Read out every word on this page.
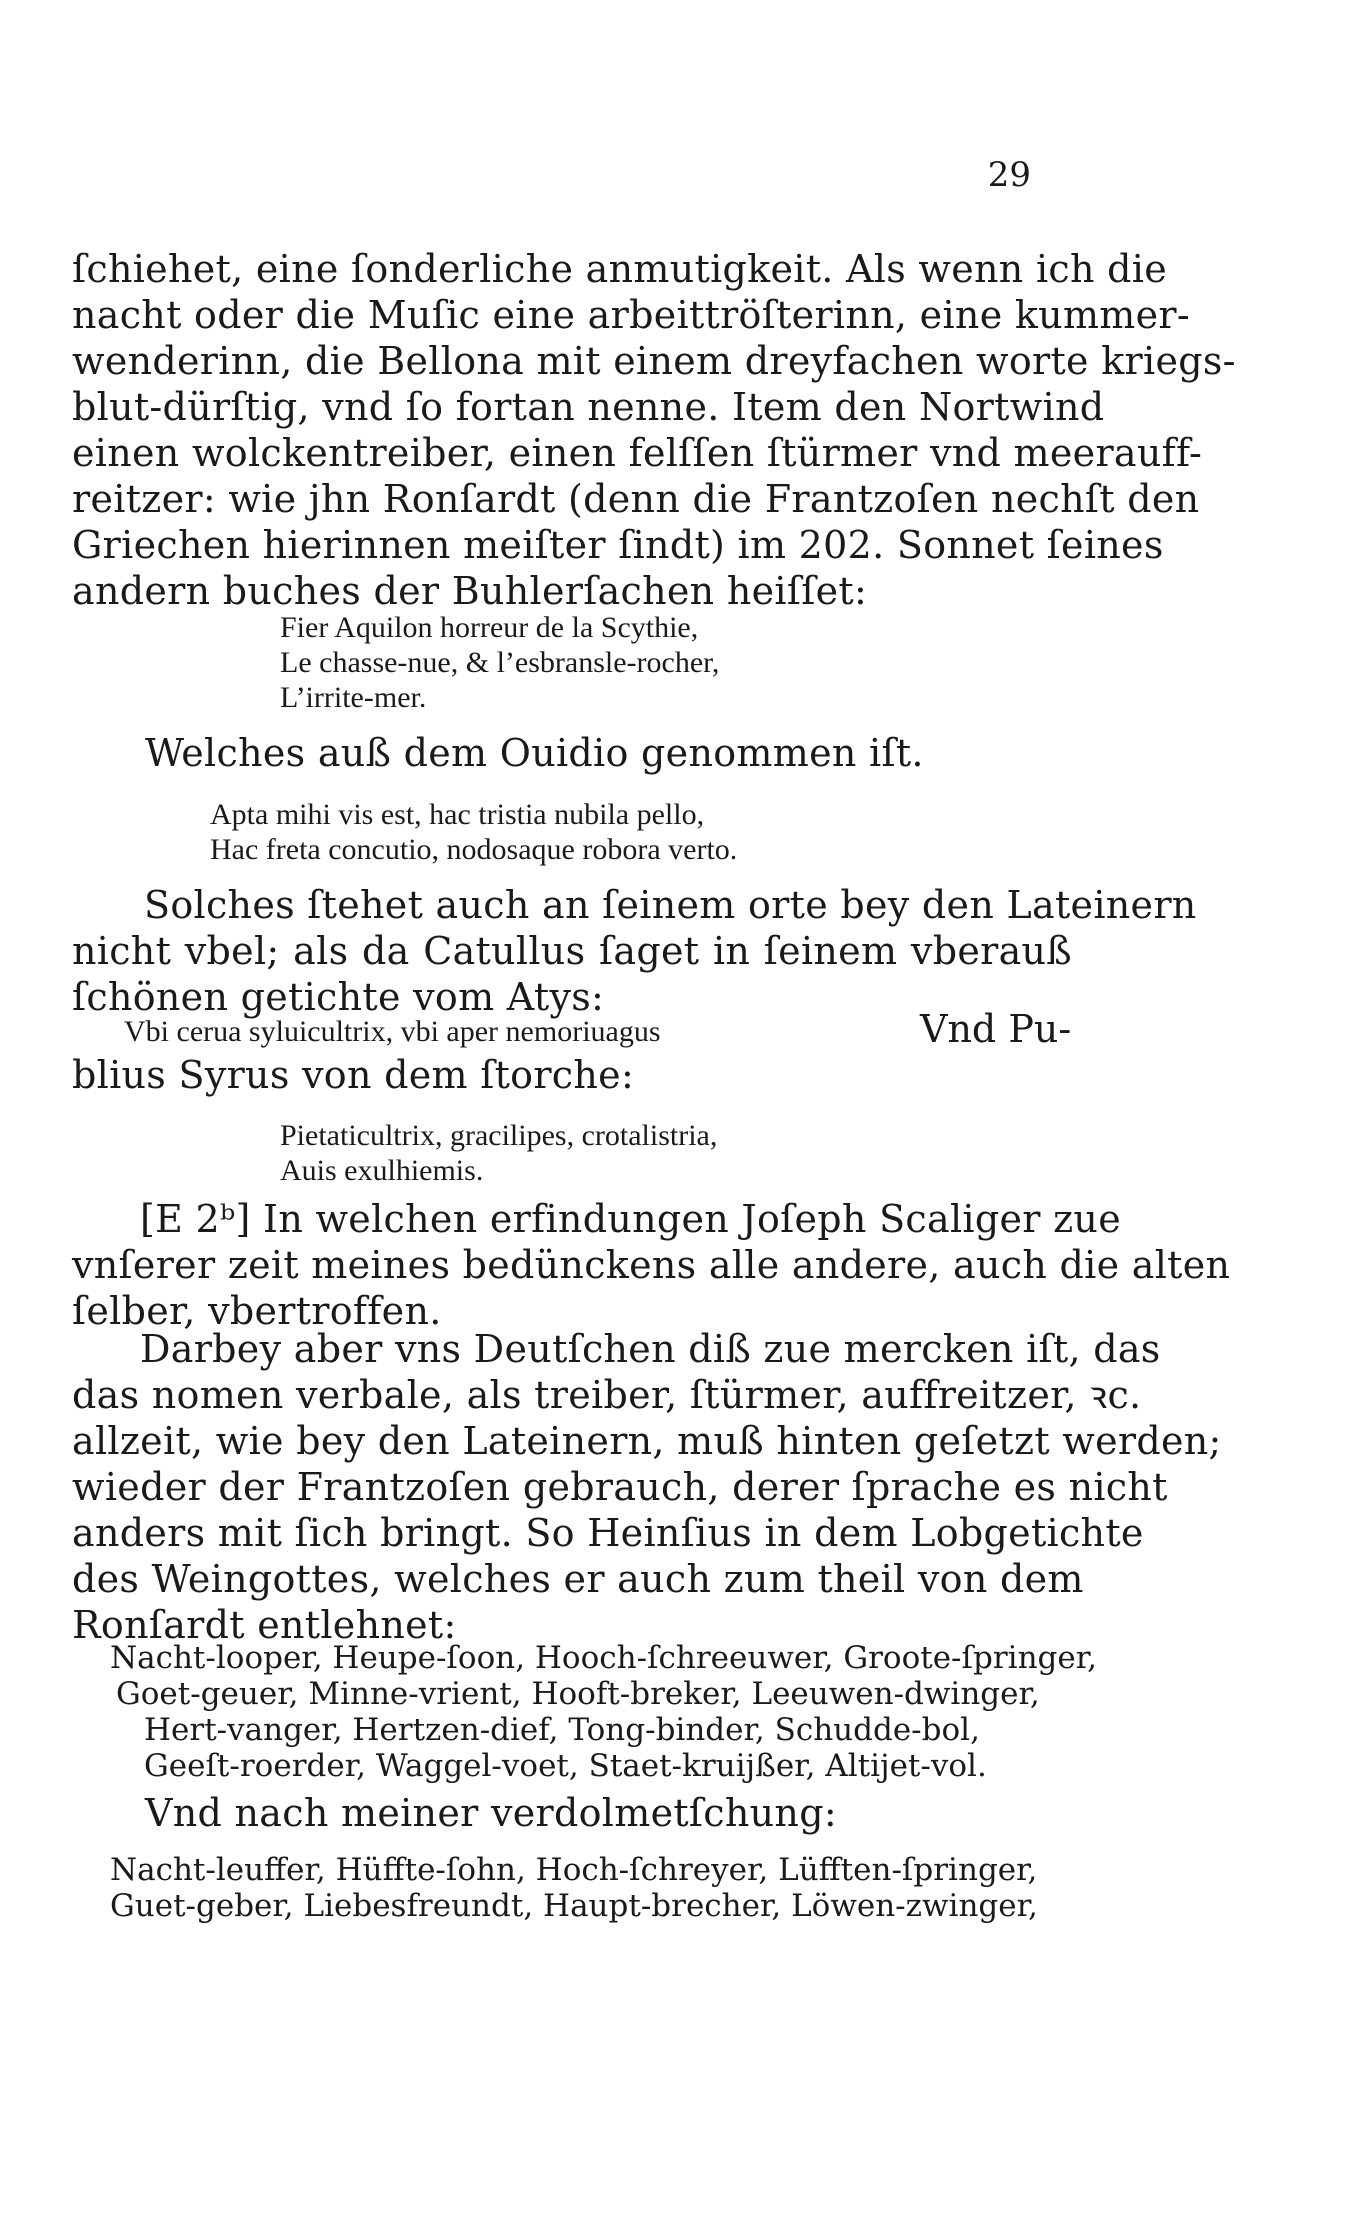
29
ſchiehet, eine ſonderliche anmutigkeit. Als wenn ich die
nacht oder die Muſic eine arbeittröſterinn, eine kummer-
wenderinn, die Bellona mit einem dreyfachen worte kriegs-
blut-dürſtig, vnd ſo fortan nenne. Item den Nortwind
einen wolckentreiber, einen felſſen ſtürmer vnd meerauff-
reitzer: wie jhn Ronſardt (denn die Frantzoſen nechſt den
Griechen hierinnen meiſter ſindt) im 202. Sonnet ſeines
andern buches der Buhlerſachen heiſſet:
Fier Aquilon horreur de la Scythie,
Le chasse-nue, & l’esbransle-rocher,
L’irrite-mer.
Welches auß dem Ouidio genommen iſt.
Apta mihi vis est, hac tristia nubila pello,
Hac freta concutio, nodosaque robora verto.
Solches ſtehet auch an ſeinem orte bey den Lateinern
nicht vbel; als da Catullus ſaget in ſeinem vberauß
ſchönen getichte vom Atys:
Vbi cerua syluicultrix, vbi aper nemoriuagus	Vnd Pu-
blius Syrus von dem ſtorche:
Pietaticultrix, gracilipes, crotalistria,
Auis exulhiemis.
[E 2ᵇ] In welchen erfindungen Joſeph Scaliger zue
vnſerer zeit meines bedünckens alle andere, auch die alten
ſelber, vbertroffen.
Darbey aber vns Deutſchen diß zue mercken iſt, das
das nomen verbale, als treiber, ſtürmer, auffreitzer, ꝛc.
allzeit, wie bey den Lateinern, muß hinten geſetzt werden;
wieder der Frantzoſen gebrauch, derer ſprache es nicht
anders mit ſich bringt. So Heinſius in dem Lobgetichte
des Weingottes, welches er auch zum theil von dem
Ronſardt entlehnet:
Nacht-looper, Heupe-ſoon, Hooch-ſchreeuwer, Groote-ſpringer,
Goet-geuer, Minne-vrient, Hooft-breker, Leeuwen-dwinger,
Hert-vanger, Hertzen-dief, Tong-binder, Schudde-bol,
Geeſt-roerder, Waggel-voet, Staet-kruijßer, Altijet-vol.
Vnd nach meiner verdolmetſchung:
Nacht-leuffer, Hüffte-ſohn, Hoch-ſchreyer, Lüfften-ſpringer,
Guet-geber, Liebesfreundt, Haupt-brecher, Löwen-zwinger,
